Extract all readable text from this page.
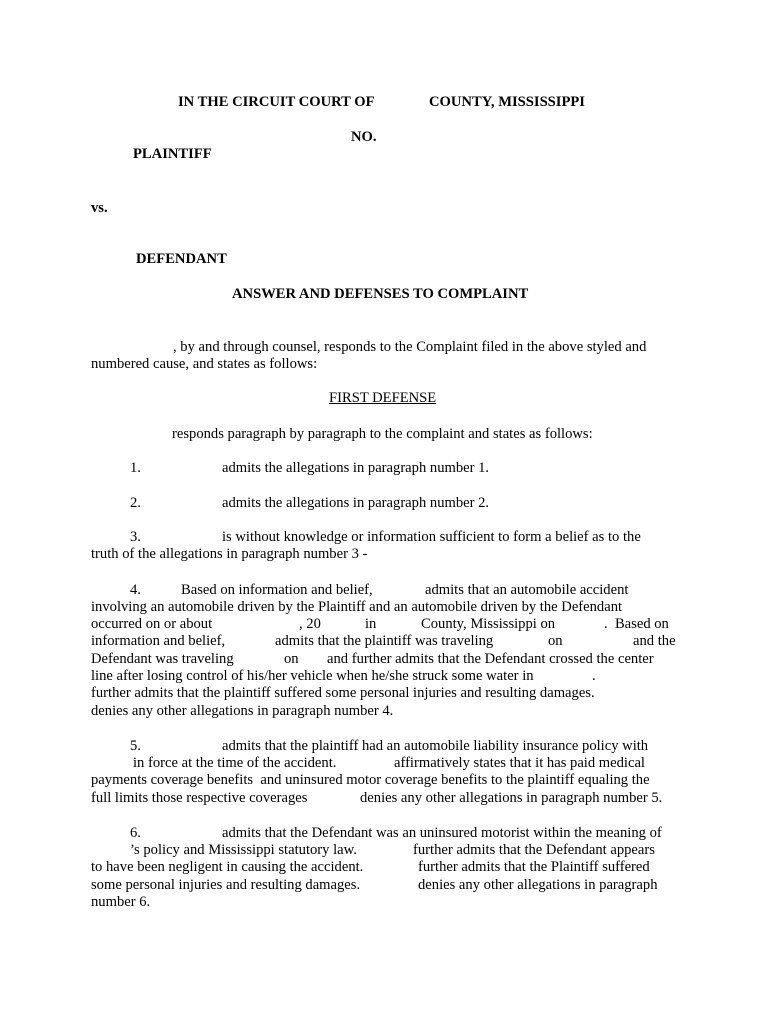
IN THE CIRCUIT COURT OF	COUNTY, MISSISSIPPI
NO.
PLAINTIFF
vs.
DEFENDANT
ANSWER AND DEFENSES TO COMPLAINT
, by and through counsel, responds to the Complaint filed in the above styled and
numbered cause, and states as follows:
FIRST DEFENSE
responds paragraph by paragraph to the complaint and states as follows:
1.	admits the allegations in paragraph number 1.
2.	admits the allegations in paragraph number 2.
3.	is without knowledge or information sufficient to form a belief as to the
truth of the allegations in paragraph number 3 -
4.	Based on information and belief,	admits that an automobile accident
involving an automobile driven by the Plaintiff and an automobile driven by the Defendant
occurred on or about	, 20	in	County, Mississippi on	.  Based on
information and belief,	admits that the plaintiff was traveling	on	and the
Defendant was traveling	on and further admits that the Defendant crossed the center
line after losing control of his/her vehicle when he/she struck some water in	.
further admits that the plaintiff suffered some personal injuries and resulting damages.
denies any other allegations in paragraph number 4.
5.	admits that the plaintiff had an automobile liability insurance policy with
in force at the time of the accident.	affirmatively states that it has paid medical
payments coverage benefits  and uninsured motor coverage benefits to the plaintiff equaling the
full limits those respective coverages	denies any other allegations in paragraph number 5.
6.	admits that the Defendant was an uninsured motorist within the meaning of
’s policy and Mississippi statutory law.	further admits that the Defendant appears
to have been negligent in causing the accident.	further admits that the Plaintiff suffered
some personal injuries and resulting damages.	denies any other allegations in paragraph
number 6.
